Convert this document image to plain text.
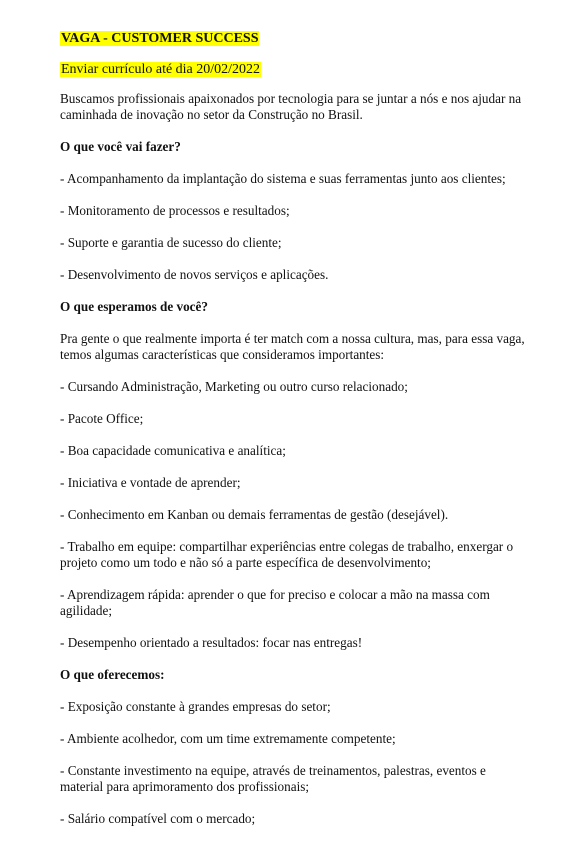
VAGA - CUSTOMER SUCCESS
Enviar currículo até dia 20/02/2022

Buscamos profissionais apaixonados por tecnologia para se juntar a nós e nos ajudar na caminhada de inovação no setor da Construção no Brasil.

O que você vai fazer?
- Acompanhamento da implantação do sistema e suas ferramentas junto aos clientes;
- Monitoramento de processos e resultados;
- Suporte e garantia de sucesso do cliente;
- Desenvolvimento de novos serviços e aplicações.
O que esperamos de você?

Pra gente o que realmente importa é ter match com a nossa cultura, mas, para essa vaga, temos algumas características que consideramos importantes:

- Cursando Administração, Marketing ou outro curso relacionado;
- Pacote Office;
- Boa capacidade comunicativa e analítica;
- Iniciativa e vontade de aprender;
- Conhecimento em Kanban ou demais ferramentas de gestão (desejável).
- Trabalho em equipe: compartilhar experiências entre colegas de trabalho, enxergar o projeto como um todo e não só a parte específica de desenvolvimento;
- Aprendizagem rápida: aprender o que for preciso e colocar a mão na massa com agilidade;
- Desempenho orientado a resultados: focar nas entregas!
O que oferecemos:
- Exposição constante à grandes empresas do setor;
- Ambiente acolhedor, com um time extremamente competente;
- Constante investimento na equipe, através de treinamentos, palestras, eventos e material para aprimoramento dos profissionais;
- Salário compatível com o mercado;
